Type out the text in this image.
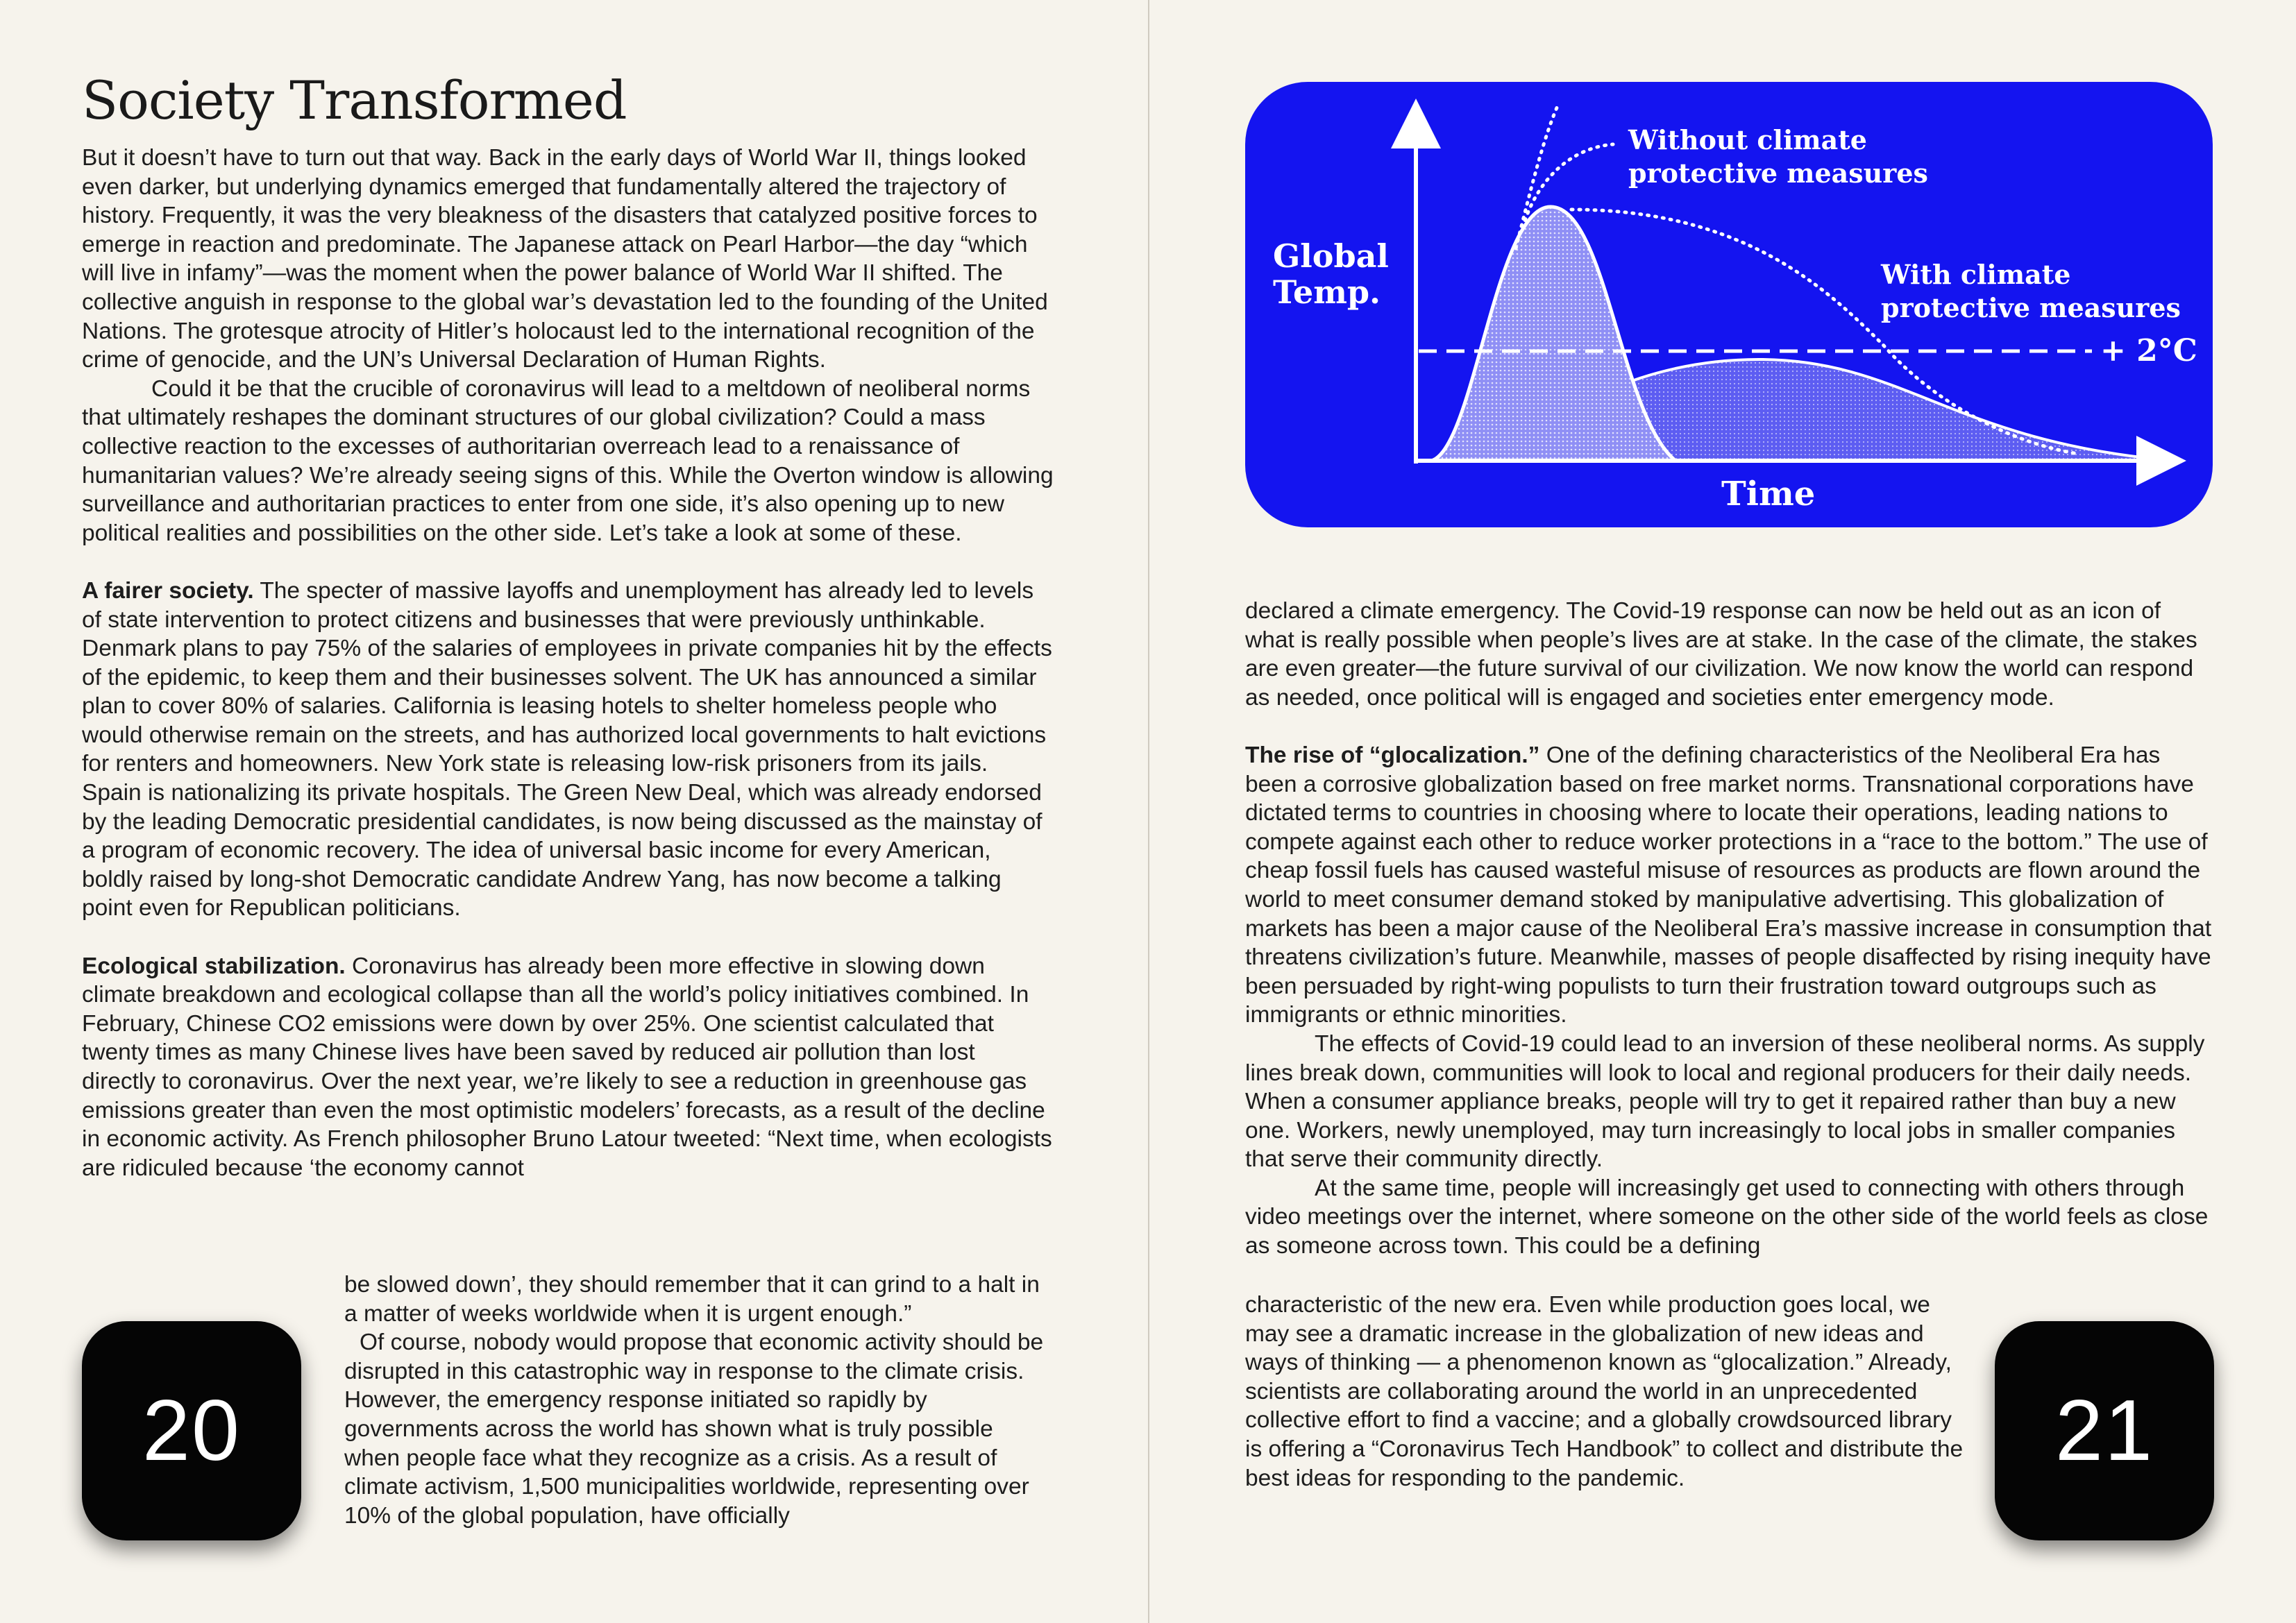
Society Transformed

But it doesn’t have to turn out that way. Back in the early days of World War II, things looked even darker, but underlying dynamics emerged that fundamentally altered the trajectory of history. Frequently, it was the very bleakness of the disasters that catalyzed positive forces to emerge in reaction and predominate. The Japanese attack on Pearl Harbor—the day “which will live in infamy”—was the moment when the power balance of World War II shifted. The collective anguish in response to the global war’s devastation led to the founding of the United Nations. The grotesque atrocity of Hitler’s holocaust led to the international recognition of the crime of genocide, and the UN’s Universal Declaration of Human Rights.

Could it be that the crucible of coronavirus will lead to a meltdown of neoliberal norms that ultimately reshapes the dominant structures of our global civilization? Could a mass collective reaction to the excesses of authoritarian overreach lead to a renaissance of humanitarian values? We’re already seeing signs of this. While the Overton window is allowing surveillance and authoritarian practices to enter from one side, it’s also opening up to new political realities and possibilities on the other side. Let’s take a look at some of these.

A fairer society. The specter of massive layoffs and unemployment has already led to levels of state intervention to protect citizens and businesses that were previously unthinkable. Denmark plans to pay 75% of the salaries of employees in private companies hit by the effects of the epidemic, to keep them and their businesses solvent. The UK has announced a similar plan to cover 80% of salaries. California is leasing hotels to shelter homeless people who would otherwise remain on the streets, and has authorized local governments to halt evictions for renters and homeowners. New York state is releasing low-risk prisoners from its jails. Spain is nationalizing its private hospitals. The Green New Deal, which was already endorsed by the leading Democratic presidential candidates, is now being discussed as the mainstay of a program of economic recovery. The idea of universal basic income for every American, boldly raised by long-shot Democratic candidate Andrew Yang, has now become a talking point even for Republican politicians.

Ecological stabilization. Coronavirus has already been more effective in slowing down climate breakdown and ecological collapse than all the world’s policy initiatives combined. In February, Chinese CO2 emissions were down by over 25%. One scientist calculated that twenty times as many Chinese lives have been saved by reduced air pollution than lost directly to coronavirus. Over the next year, we’re likely to see a reduction in greenhouse gas emissions greater than even the most optimistic modelers’ forecasts, as a result of the decline in economic activity. As French philosopher Bruno Latour tweeted: “Next time, when ecologists are ridiculed because ‘the economy cannot

be slowed down’, they should remember that it can grind to a halt in a matter of weeks worldwide when it is urgent enough.”

Of course, nobody would propose that economic activity should be disrupted in this catastrophic way in response to the climate crisis. However, the emergency response initiated so rapidly by governments across the world has shown what is truly possible when people face what they recognize as a crisis. As a result of climate activism, 1,500 municipalities worldwide, representing over 10% of the global population, have officially

20
Global
Temp.
Without climate
protective measures
With climate
protective measures
+ 2°C
Time

declared a climate emergency. The Covid-19 response can now be held out as an icon of what is really possible when people’s lives are at stake. In the case of the climate, the stakes are even greater—the future survival of our civilization. We now know the world can respond as needed, once political will is engaged and societies enter emergency mode.

The rise of “glocalization.” One of the defining characteristics of the Neoliberal Era has been a corrosive globalization based on free market norms. Transnational corporations have dictated terms to countries in choosing where to locate their operations, leading nations to compete against each other to reduce worker protections in a “race to the bottom.” The use of cheap fossil fuels has caused wasteful misuse of resources as products are flown around the world to meet consumer demand stoked by manipulative advertising. This globalization of markets has been a major cause of the Neoliberal Era’s massive increase in consumption that threatens civilization’s future. Meanwhile, masses of people disaffected by rising inequity have been persuaded by right-wing populists to turn their frustration toward outgroups such as immigrants or ethnic minorities.

The effects of Covid-19 could lead to an inversion of these neoliberal norms. As supply lines break down, communities will look to local and regional producers for their daily needs. When a consumer appliance breaks, people will try to get it repaired rather than buy a new one. Workers, newly unemployed, may turn increasingly to local jobs in smaller companies that serve their community directly.

At the same time, people will increasingly get used to connecting with others through video meetings over the internet, where someone on the other side of the world feels as close as someone across town. This could be a defining

characteristic of the new era. Even while production goes local, we may see a dramatic increase in the globalization of new ideas and ways of thinking — a phenomenon known as “glocalization.” Already, scientists are collaborating around the world in an unprecedented collective effort to find a vaccine; and a globally crowdsourced library is offering a “Coronavirus Tech Handbook” to collect and distribute the best ideas for responding to the pandemic.	21
